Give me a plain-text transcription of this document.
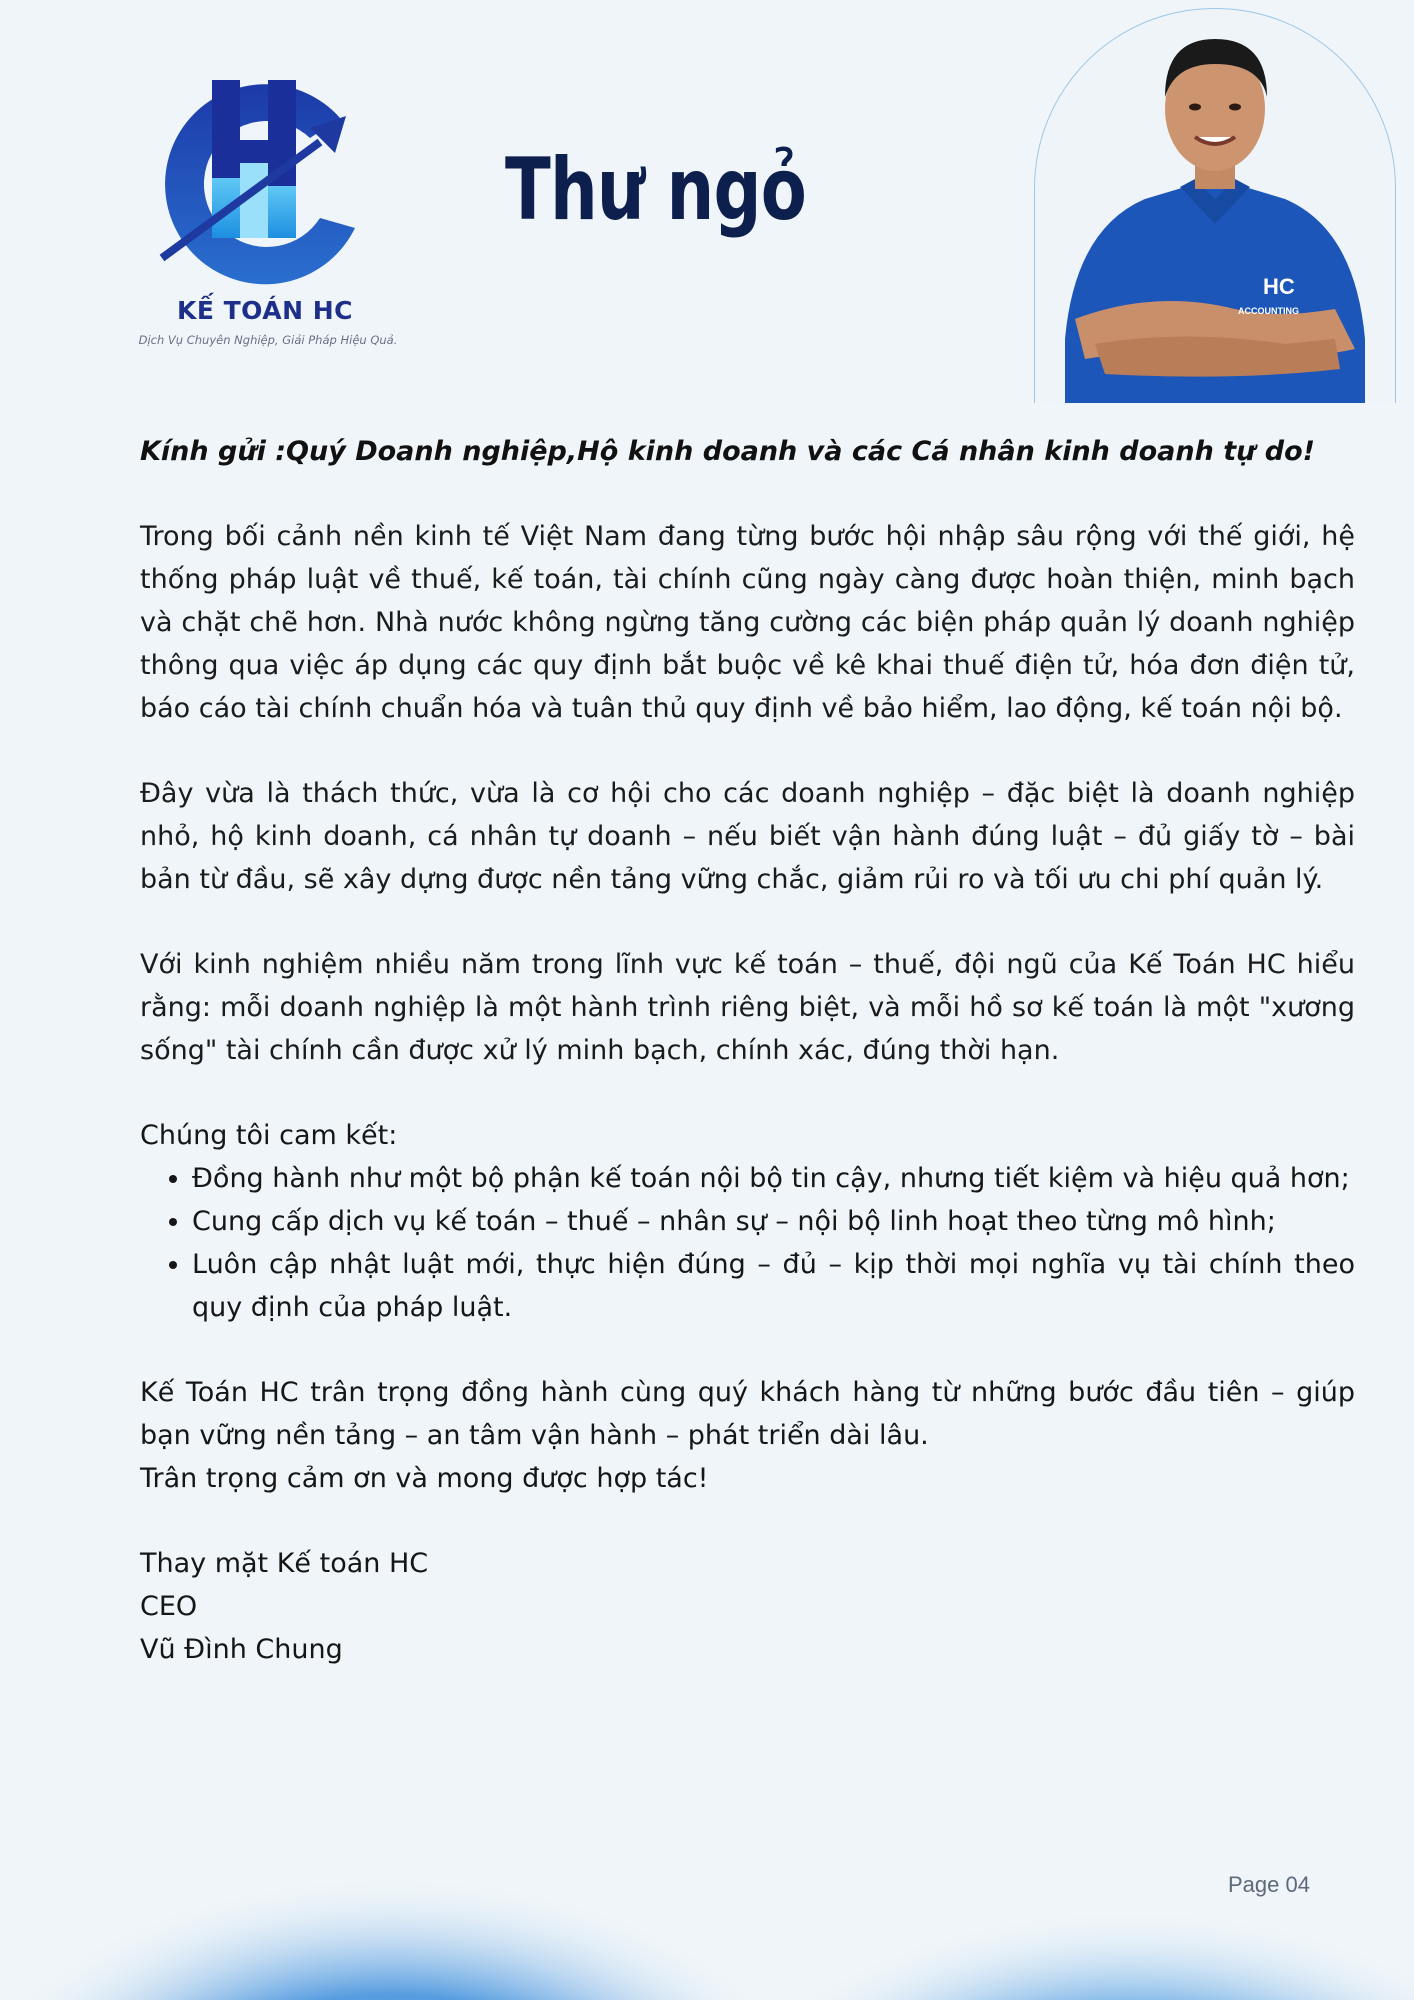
KẾ TOÁN HC
Dịch Vụ Chuyên Nghiệp, Giải Pháp Hiệu Quả.
Thư ngỏ
HC
ACCOUNTING

Kính gửi :Quý Doanh nghiệp,Hộ kinh doanh và các Cá nhân kinh doanh tự do!

Trong bối cảnh nền kinh tế Việt Nam đang từng bước hội nhập sâu rộng với thế giới, hệ thống pháp luật về thuế, kế toán, tài chính cũng ngày càng được hoàn thiện, minh bạch và chặt chẽ hơn. Nhà nước không ngừng tăng cường các biện pháp quản lý doanh nghiệp thông qua việc áp dụng các quy định bắt buộc về kê khai thuế điện tử, hóa đơn điện tử, báo cáo tài chính chuẩn hóa và tuân thủ quy định về bảo hiểm, lao động, kế toán nội bộ.

Đây vừa là thách thức, vừa là cơ hội cho các doanh nghiệp – đặc biệt là doanh nghiệp nhỏ, hộ kinh doanh, cá nhân tự doanh – nếu biết vận hành đúng luật – đủ giấy tờ – bài bản từ đầu, sẽ xây dựng được nền tảng vững chắc, giảm rủi ro và tối ưu chi phí quản lý.

Với kinh nghiệm nhiều năm trong lĩnh vực kế toán – thuế, đội ngũ của Kế Toán HC hiểu rằng: mỗi doanh nghiệp là một hành trình riêng biệt, và mỗi hồ sơ kế toán là một "xương sống" tài chính cần được xử lý minh bạch, chính xác, đúng thời hạn.

Chúng tôi cam kết:

• Đồng hành như một bộ phận kế toán nội bộ tin cậy, nhưng tiết kiệm và hiệu quả hơn;
• Cung cấp dịch vụ kế toán – thuế – nhân sự – nội bộ linh hoạt theo từng mô hình;
• Luôn cập nhật luật mới, thực hiện đúng – đủ – kịp thời mọi nghĩa vụ tài chính theo quy định của pháp luật.

Kế Toán HC trân trọng đồng hành cùng quý khách hàng từ những bước đầu tiên – giúp bạn vững nền tảng – an tâm vận hành – phát triển dài lâu.
Trân trọng cảm ơn và mong được hợp tác!

Thay mặt Kế toán HC

CEO

Vũ Đình Chung

Page 04
